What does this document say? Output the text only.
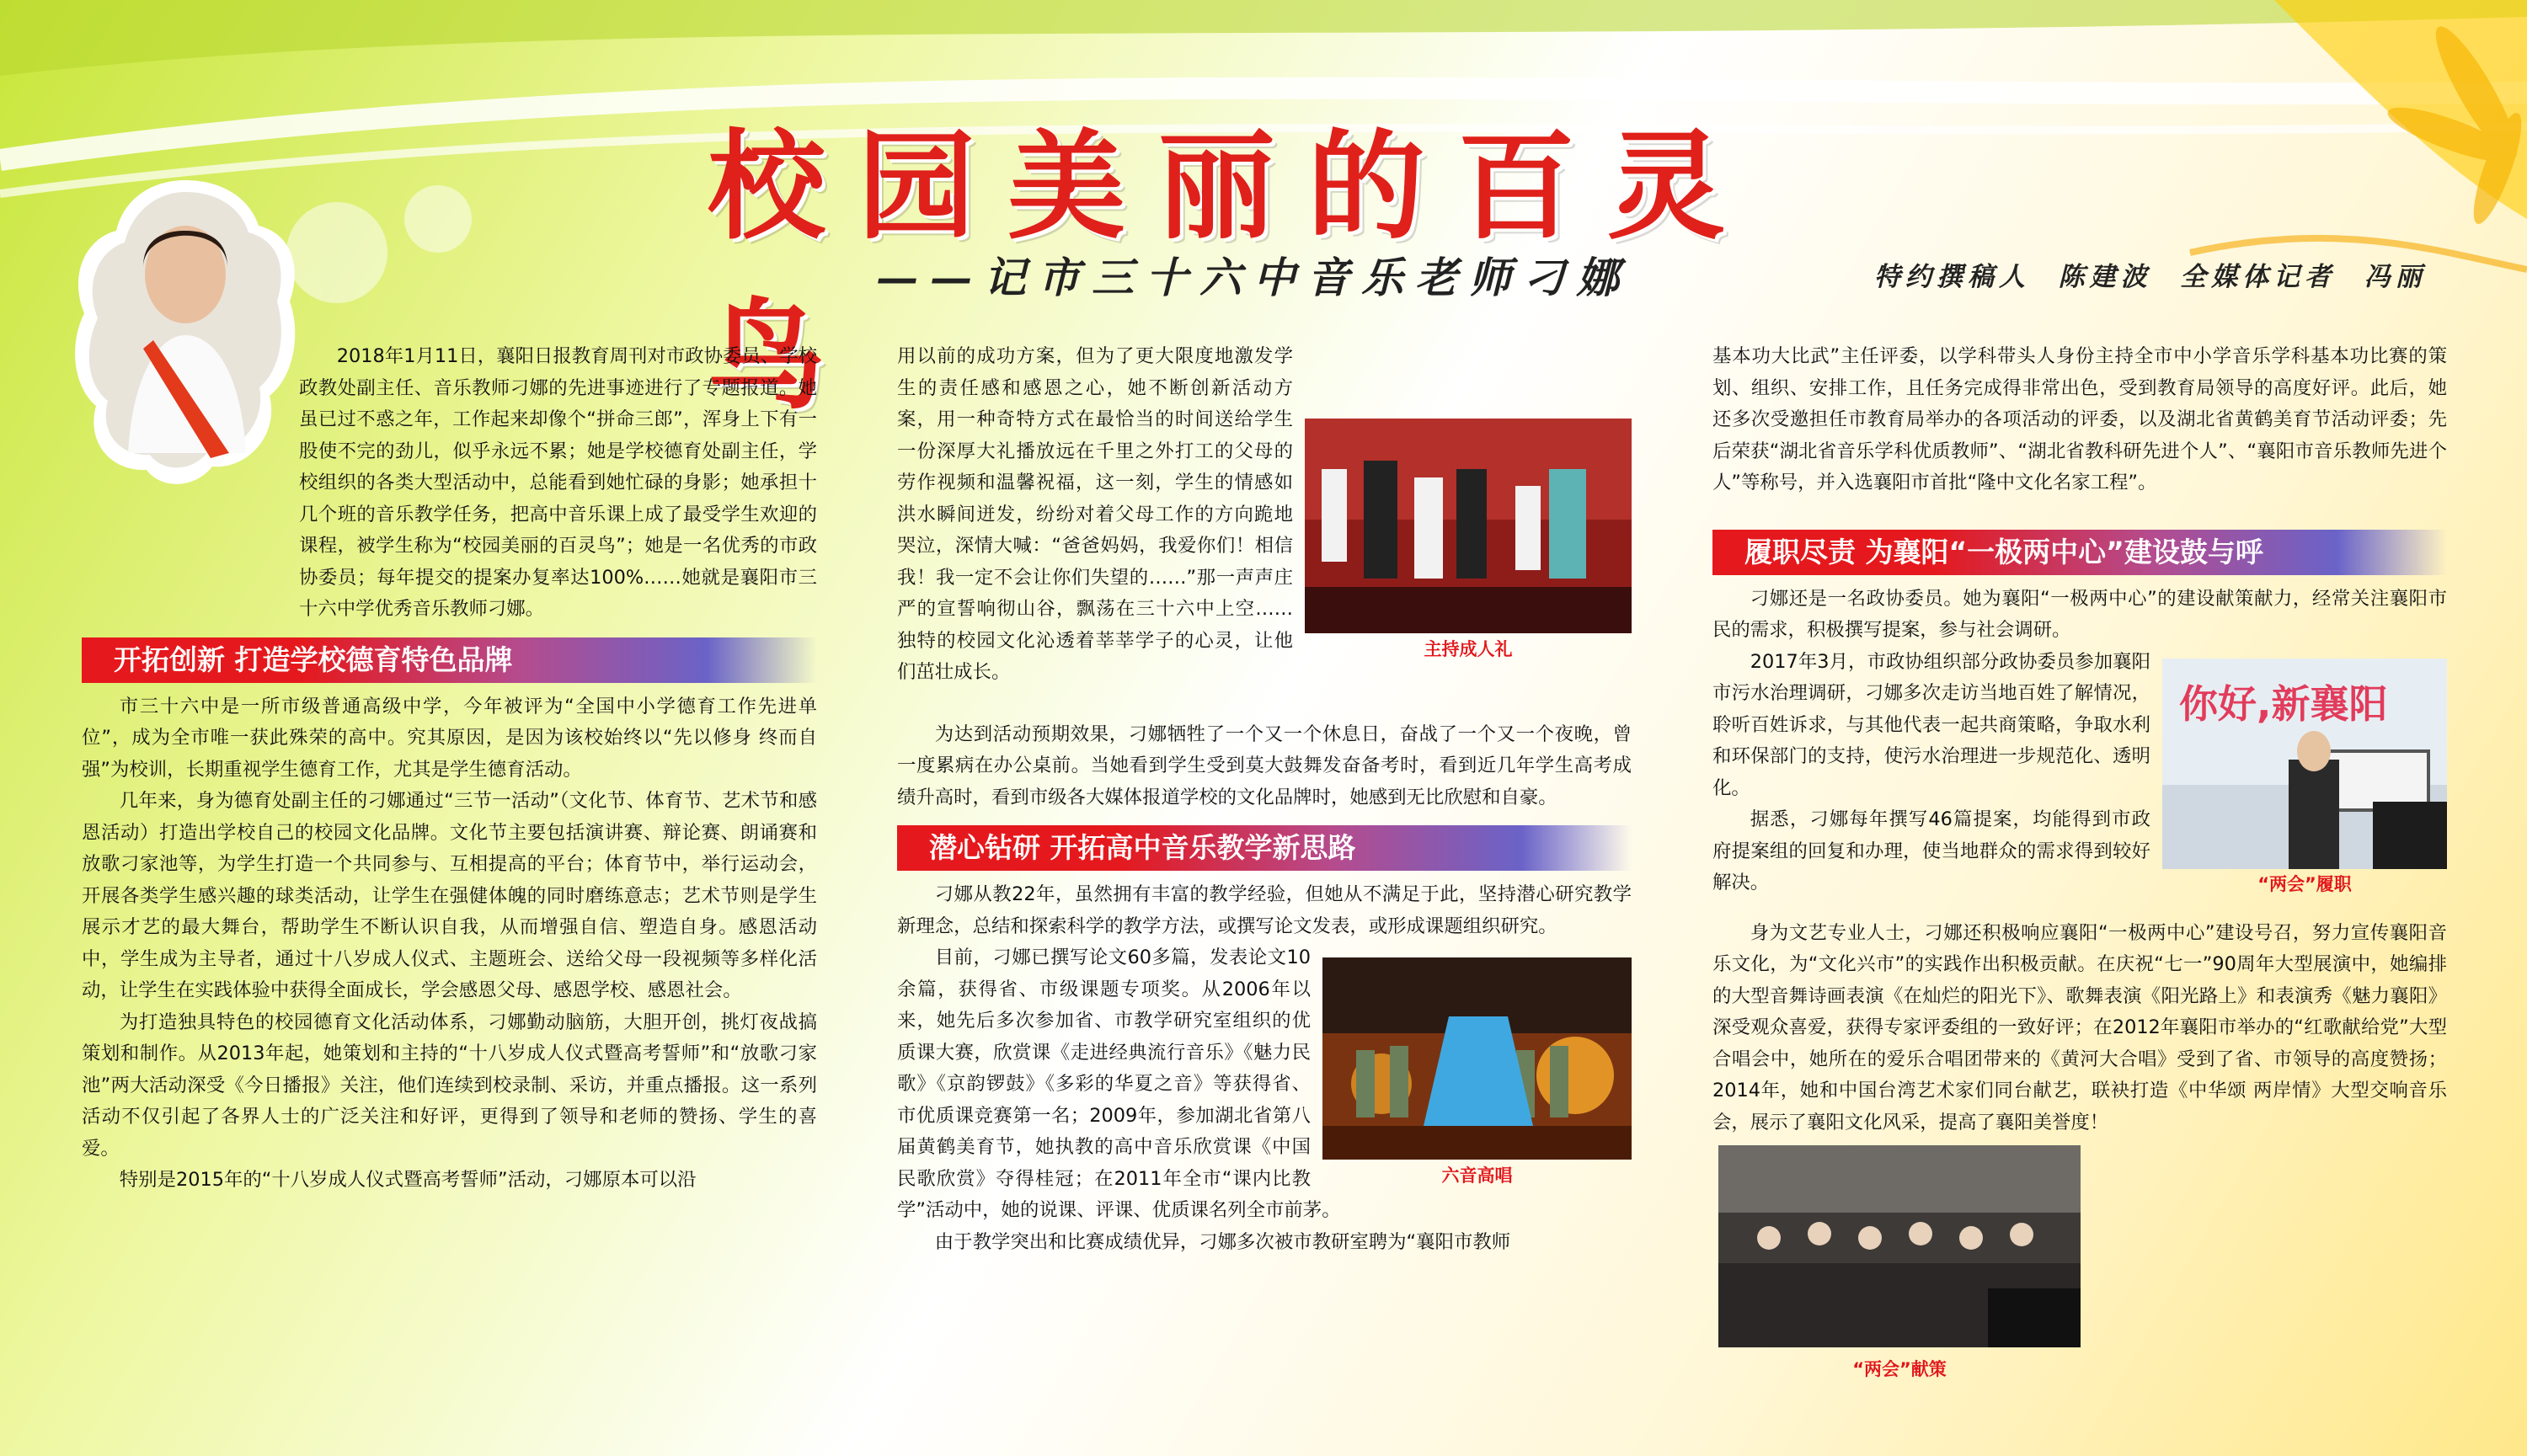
校园美丽的百灵鸟
——记市三十六中音乐老师刁娜	特约撰稿人  陈建波  全媒体记者  冯丽

2018年1月11日，襄阳日报教育周刊对市政协委员、学校政教处副主任、音乐教师刁娜的先进事迹进行了专题报道。她虽已过不惑之年，工作起来却像个“拼命三郎”，浑身上下有一股使不完的劲儿，似乎永远不累；她是学校德育处副主任，学校组织的各类大型活动中，总能看到她忙碌的身影；她承担十几个班的音乐教学任务，把高中音乐课上成了最受学生欢迎的课程，被学生称为“校园美丽的百灵鸟”；她是一名优秀的市政协委员；每年提交的提案办复率达100%……她就是襄阳市三十六中学优秀音乐教师刁娜。

开拓创新 打造学校德育特色品牌

市三十六中是一所市级普通高级中学，今年被评为“全国中小学德育工作先进单位”，成为全市唯一获此殊荣的高中。究其原因，是因为该校始终以“先以修身 终而自强”为校训，长期重视学生德育工作，尤其是学生德育活动。

几年来，身为德育处副主任的刁娜通过“三节一活动”（文化节、体育节、艺术节和感恩活动）打造出学校自己的校园文化品牌。文化节主要包括演讲赛、辩论赛、朗诵赛和放歌刁家池等，为学生打造一个共同参与、互相提高的平台；体育节中，举行运动会，开展各类学生感兴趣的球类活动，让学生在强健体魄的同时磨练意志；艺术节则是学生展示才艺的最大舞台，帮助学生不断认识自我，从而增强自信、塑造自身。感恩活动中，学生成为主导者，通过十八岁成人仪式、主题班会、送给父母一段视频等多样化活动，让学生在实践体验中获得全面成长，学会感恩父母、感恩学校、感恩社会。

为打造独具特色的校园德育文化活动体系，刁娜勤动脑筋，大胆开创，挑灯夜战搞策划和制作。从2013年起，她策划和主持的“十八岁成人仪式暨高考誓师”和“放歌刁家池”两大活动深受《今日播报》关注，他们连续到校录制、采访，并重点播报。这一系列活动不仅引起了各界人士的广泛关注和好评，更得到了领导和老师的赞扬、学生的喜爱。

特别是2015年的“十八岁成人仪式暨高考誓师”活动，刁娜原本可以沿

主持成人礼

用以前的成功方案，但为了更大限度地激发学生的责任感和感恩之心，她不断创新活动方案，用一种奇特方式在最恰当的时间送给学生一份深厚大礼播放远在千里之外打工的父母的劳作视频和温馨祝福，这一刻，学生的情感如洪水瞬间迸发，纷纷对着父母工作的方向跪地哭泣，深情大喊：“爸爸妈妈，我爱你们！相信我！我一定不会让你们失望的……”那一声声庄严的宣誓响彻山谷，飘荡在三十六中上空……独特的校园文化沁透着莘莘学子的心灵，让他们茁壮成长。

为达到活动预期效果，刁娜牺牲了一个又一个休息日，奋战了一个又一个夜晚，曾一度累病在办公桌前。当她看到学生受到莫大鼓舞发奋备考时，看到近几年学生高考成绩升高时，看到市级各大媒体报道学校的文化品牌时，她感到无比欣慰和自豪。

潜心钻研 开拓高中音乐教学新思路

刁娜从教22年，虽然拥有丰富的教学经验，但她从不满足于此，坚持潜心研究教学新理念，总结和探索科学的教学方法，或撰写论文发表，或形成课题组织研究。

六音高唱

目前，刁娜已撰写论文60多篇，发表论文10余篇，获得省、市级课题专项奖。从2006年以来，她先后多次参加省、市教学研究室组织的优质课大赛，欣赏课《走进经典流行音乐》《魅力民歌》《京韵锣鼓》《多彩的华夏之音》等获得省、市优质课竞赛第一名；2009年，参加湖北省第八届黄鹤美育节，她执教的高中音乐欣赏课《中国民歌欣赏》夺得桂冠；在2011年全市“课内比教学”活动中，她的说课、评课、优质课名列全市前茅。

由于教学突出和比赛成绩优异，刁娜多次被市教研室聘为“襄阳市教师

基本功大比武”主任评委，以学科带头人身份主持全市中小学音乐学科基本功比赛的策划、组织、安排工作，且任务完成得非常出色，受到教育局领导的高度好评。此后，她还多次受邀担任市教育局举办的各项活动的评委，以及湖北省黄鹤美育节活动评委；先后荣获“湖北省音乐学科优质教师”、“湖北省教科研先进个人”、“襄阳市音乐教师先进个人”等称号，并入选襄阳市首批“隆中文化名家工程”。

履职尽责 为襄阳“一极两中心”建设鼓与呼

刁娜还是一名政协委员。她为襄阳“一极两中心”的建设献策献力，经常关注襄阳市民的需求，积极撰写提案，参与社会调研。

你好,新襄阳
“两会”履职

2017年3月，市政协组织部分政协委员参加襄阳市污水治理调研，刁娜多次走访当地百姓了解情况，聆听百姓诉求，与其他代表一起共商策略，争取水利和环保部门的支持，使污水治理进一步规范化、透明化。

据悉，刁娜每年撰写46篇提案，均能得到市政府提案组的回复和办理，使当地群众的需求得到较好解决。

身为文艺专业人士，刁娜还积极响应襄阳“一极两中心”建设号召，努力宣传襄阳音乐文化，为“文化兴市”的实践作出积极贡献。在庆祝“七一”90周年大型展演中，她编排的大型音舞诗画表演《在灿烂的阳光下》、歌舞表演《阳光路上》和表演秀《魅力襄阳》深受观众喜爱，获得专家评委组的一致好评；在2012年襄阳市举办的“红歌献给党”大型合唱会中，她所在的爱乐合唱团带来的《黄河大合唱》受到了省、市领导的高度赞扬；2014年，她和中国台湾艺术家们同台献艺，联袂打造《中华颂 两岸情》大型交响音乐会，展示了襄阳文化风采，提高了襄阳美誉度！

“两会”献策
